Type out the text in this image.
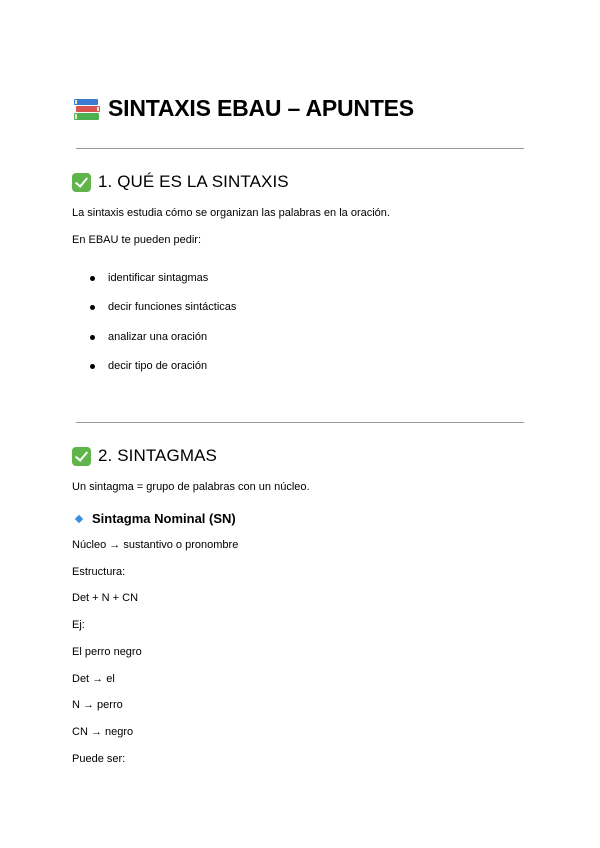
SINTAXIS EBAU – APUNTES
1. QUÉ ES LA SINTAXIS
La sintaxis estudia cómo se organizan las palabras en la oración.
En EBAU te pueden pedir:
identificar sintagmas
decir funciones sintácticas
analizar una oración
decir tipo de oración
2. SINTAGMAS
Un sintagma = grupo de palabras con un núcleo.
Sintagma Nominal (SN)
Núcleo → sustantivo o pronombre
Estructura:
Det + N + CN
Ej:
El perro negro
Det → el
N → perro
CN → negro
Puede ser:
